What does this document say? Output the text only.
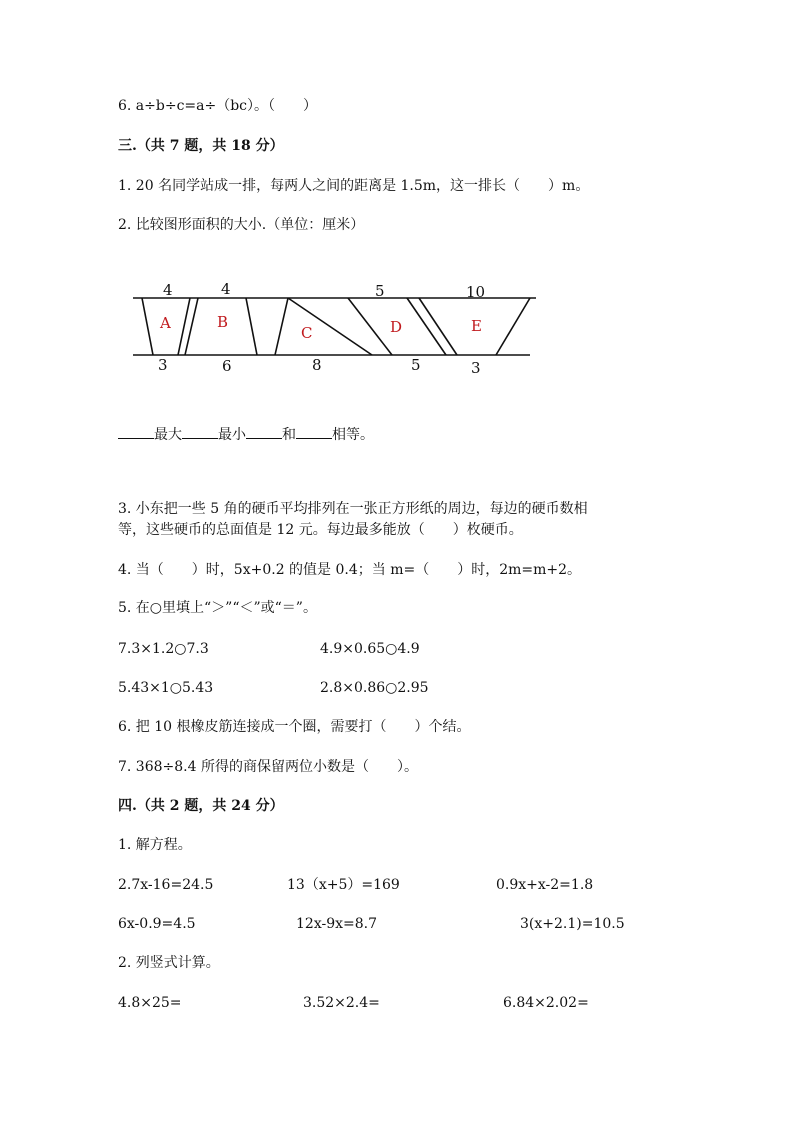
6. a÷b÷c=a÷（bc）。（　　）
三.（共 7 题，共 18 分）
1. 20 名同学站成一排，每两人之间的距离是 1.5m，这一排长（　　）m。
2. 比较图形面积的大小.（单位：厘米）
4	4	5	10
3	6	8	5	3
A	B
C	D	E
最大	最小	和	相等。
3. 小东把一些 5 角的硬币平均排列在一张正方形纸的周边，每边的硬币数相
等，这些硬币的总面值是 12 元。每边最多能放（　　）枚硬币。
4. 当（　　）时，5x+0.2 的值是 0.4；当 m=（　　）时，2m=m+2。
5. 在○里填上“＞”“＜”或“＝”。
7.3×1.2○7.3	4.9×0.65○4.9
5.43×1○5.43	2.8×0.86○2.95
6. 把 10 根橡皮筋连接成一个圈，需要打（　　）个结。
7. 368÷8.4 所得的商保留两位小数是（　　）。
四.（共 2 题，共 24 分）
1. 解方程。
2.7x-16=24.5	13（x+5）=169	0.9x+x-2=1.8
6x-0.9=4.5	12x-9x=8.7	3(x+2.1)=10.5
2. 列竖式计算。
4.8×25=	3.52×2.4=	6.84×2.02=
